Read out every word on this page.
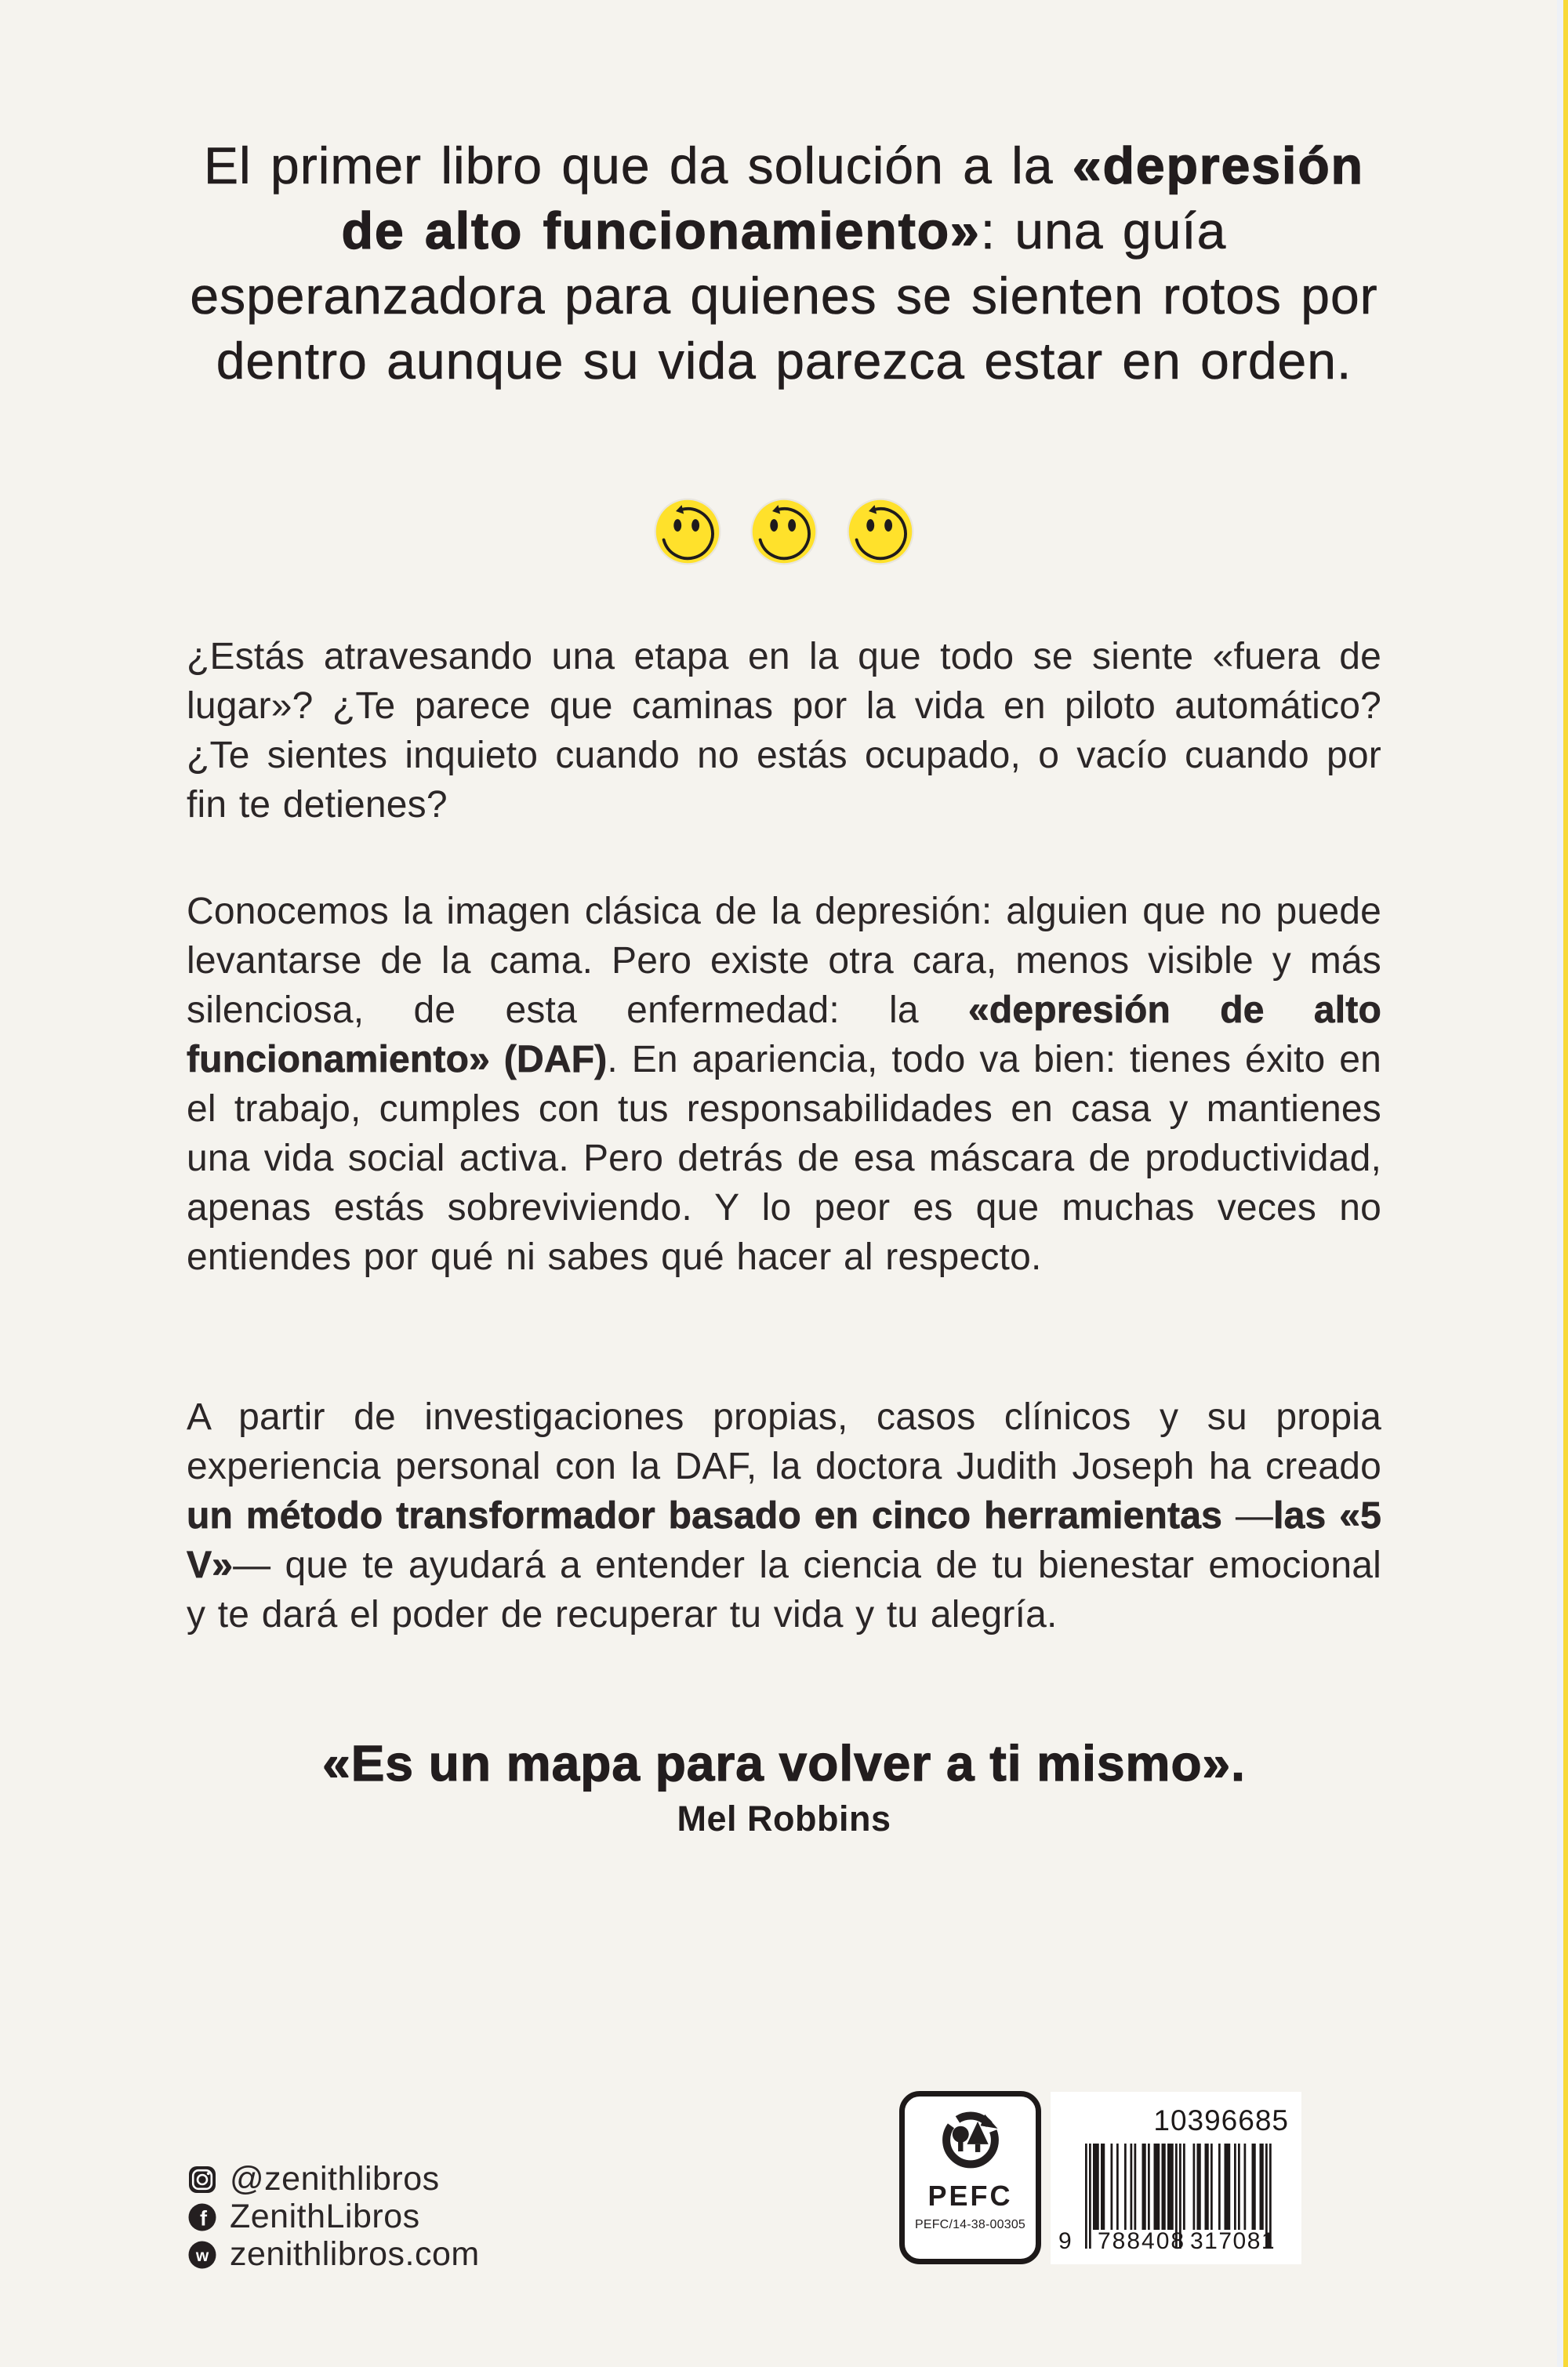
El primer libro que da solución a la «depresión de alto funcionamiento»: una guía esperanzadora para quienes se sienten rotos por dentro aunque su vida parezca estar en orden.

¿Estás atravesando una etapa en la que todo se siente «fuera de lugar»? ¿Te parece que caminas por la vida en piloto automático? ¿Te sientes inquieto cuando no estás ocupado, o vacío cuando por fin te detienes?

Conocemos la imagen clásica de la depresión: alguien que no puede levantarse de la cama. Pero existe otra cara, menos visible y más silenciosa, de esta enfermedad: la «depresión de alto funcionamiento» (DAF). En apariencia, todo va bien: tienes éxito en el trabajo, cumples con tus responsabilidades en casa y mantienes una vida social activa. Pero detrás de esa máscara de productividad, apenas estás sobreviviendo. Y lo peor es que muchas veces no entiendes por qué ni sabes qué hacer al respecto.

A partir de investigaciones propias, casos clínicos y su propia experiencia personal con la DAF, la doctora Judith Joseph ha creado un método transformador basado en cinco herramientas —las «5 V»— que te ayudará a entender la ciencia de tu bienestar emocional y te dará el poder de recuperar tu vida y tu alegría.

«Es un mapa para volver a ti mismo».
Mel Robbins
@zenithlibros
f ZenithLibros
w zenithlibros.com
PEFC
PEFC/14-38-00305
10396685
9 788408 317081
